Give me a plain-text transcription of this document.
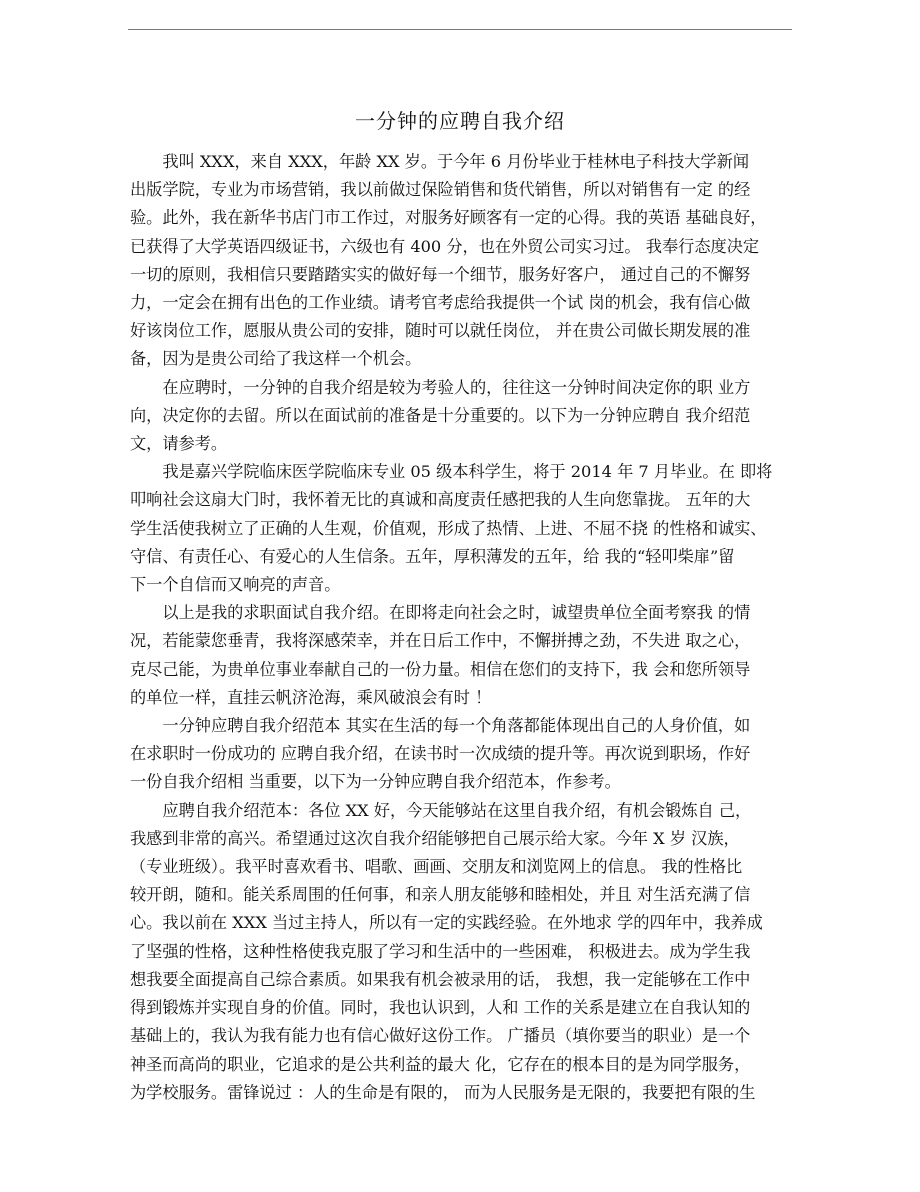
一分钟的应聘自我介绍

我叫 XXX，来自 XXX，年龄 XX 岁。于今年 6 月份毕业于桂林电子科技大学新闻
出版学院，专业为市场营销，我以前做过保险销售和货代销售，所以对销售有一定 的经
验。此外，我在新华书店门市工作过，对服务好顾客有一定的心得。我的英语 基础良好，
已获得了大学英语四级证书，六级也有 400 分，也在外贸公司实习过。 我奉行态度决定
一切的原则，我相信只要踏踏实实的做好每一个细节，服务好客户， 通过自己的不懈努
力，一定会在拥有出色的工作业绩。请考官考虑给我提供一个试 岗的机会，我有信心做
好该岗位工作，愿服从贵公司的安排，随时可以就任岗位， 并在贵公司做长期发展的准
备，因为是贵公司给了我这样一个机会。

在应聘时，一分钟的自我介绍是较为考验人的，往往这一分钟时间决定你的职 业方
向，决定你的去留。所以在面试前的准备是十分重要的。以下为一分钟应聘自 我介绍范
文，请参考。

我是嘉兴学院临床医学院临床专业 05 级本科学生，将于 2014 年 7 月毕业。在 即将
叩响社会这扇大门时，我怀着无比的真诚和高度责任感把我的人生向您靠拢。 五年的大
学生活使我树立了正确的人生观，价值观，形成了热情、上进、不屈不挠 的性格和诚实、
守信、有责任心、有爱心的人生信条。五年，厚积薄发的五年，给 我的“轻叩柴扉”留
下一个自信而又响亮的声音。

以上是我的求职面试自我介绍。在即将走向社会之时，诚望贵单位全面考察我 的情
况，若能蒙您垂青，我将深感荣幸，并在日后工作中，不懈拼搏之劲，不失进 取之心，
克尽己能，为贵单位事业奉献自己的一份力量。相信在您们的支持下，我 会和您所领导
的单位一样，直挂云帆济沧海，乘风破浪会有时 ！

一分钟应聘自我介绍范本 其实在生活的每一个角落都能体现出自己的人身价值，如
在求职时一份成功的 应聘自我介绍，在读书时一次成绩的提升等。再次说到职场，作好
一份自我介绍相 当重要，以下为一分钟应聘自我介绍范本，作参考。

应聘自我介绍范本：各位 XX 好，今天能够站在这里自我介绍，有机会锻炼自 己，
我感到非常的高兴。希望通过这次自我介绍能够把自己展示给大家。今年 X 岁 汉族，
（专业班级）。我平时喜欢看书、唱歌、画画、交朋友和浏览网上的信息。 我的性格比
较开朗，随和。能关系周围的任何事，和亲人朋友能够和睦相处，并且 对生活充满了信
心。我以前在 XXX 当过主持人，所以有一定的实践经验。在外地求 学的四年中，我养成
了坚强的性格，这种性格使我克服了学习和生活中的一些困难， 积极进去。成为学生我
想我要全面提高自己综合素质。如果我有机会被录用的话， 我想，我一定能够在工作中
得到锻炼并实现自身的价值。同时，我也认识到，人和 工作的关系是建立在自我认知的
基础上的，我认为我有能力也有信心做好这份工作。 广播员（填你要当的职业）是一个
神圣而高尚的职业，它追求的是公共利益的最大 化，它存在的根本目的是为同学服务，
为学校服务。雷锋说过 ：人的生命是有限的， 而为人民服务是无限的，我要把有限的生
